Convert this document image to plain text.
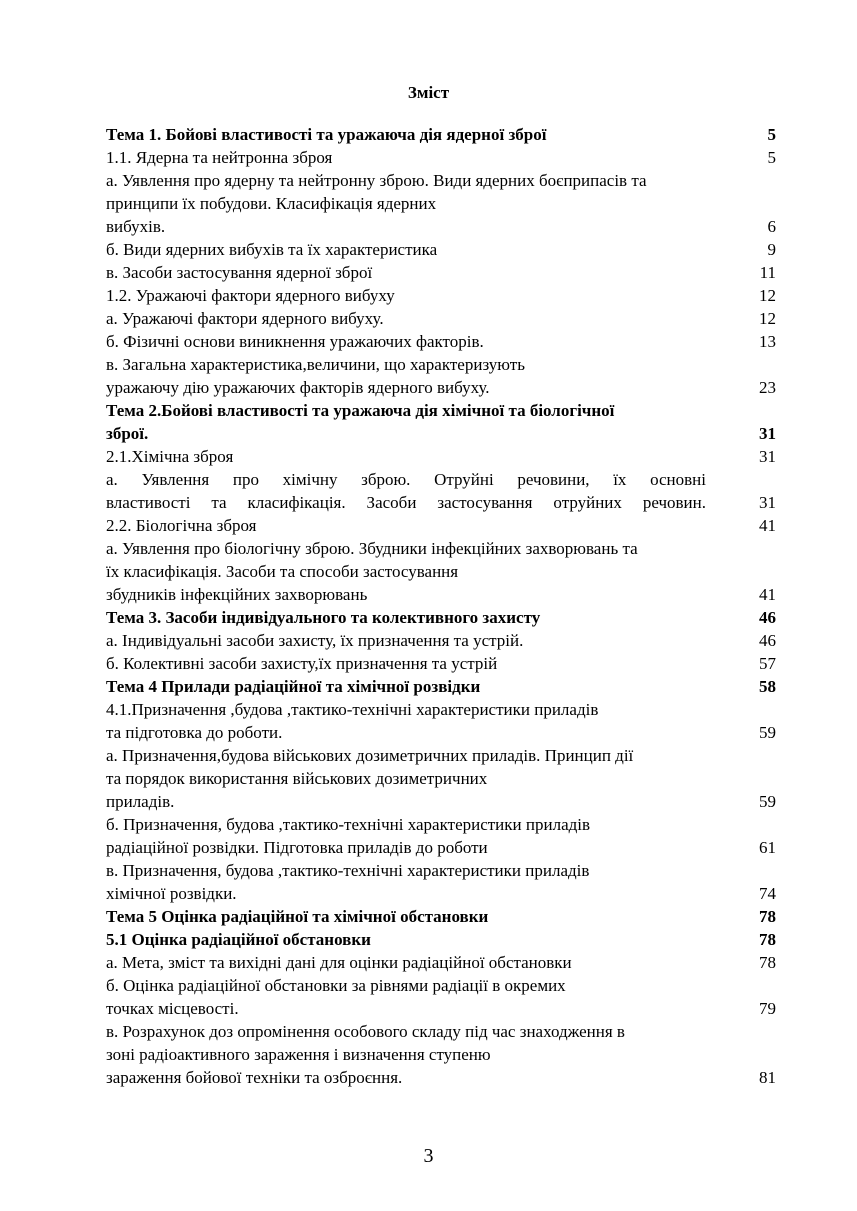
Зміст
Тема 1. Бойові властивості та уражаюча дія ядерної зброї	5
1.1. Ядерна та нейтронна зброя	5
а. Уявлення про ядерну та нейтронну зброю. Види ядерних боєприпасів та
принципи їх побудови. Класифікація ядерних
вибухів.	6
б. Види ядерних вибухів та їх характеристика	9
в. Засоби застосування ядерної зброї	11
1.2. Уражаючі фактори ядерного вибуху	12
а. Уражаючі фактори ядерного вибуху.	12
б. Фізичні основи виникнення уражаючих факторів.	13
в. Загальна характеристика,величини, що характеризують
уражаючу дію уражаючих факторів ядерного вибуху.	23
Тема 2.Бойові властивості та уражаюча дія хімічної та біологічної
зброї.	31
2.1.Хімічна зброя	31
а. Уявлення про хімічну зброю. Отруйні речовини, їх основні
властивості та класифікація. Засоби застосування отруйних речовин.	31
2.2. Біологічна зброя	41
а. Уявлення про біологічну зброю. Збудники інфекційних захворювань та
їх класифікація. Засоби та способи застосування
збудників інфекційних захворювань	41
Тема 3. Засоби індивідуального та колективного захисту	46
а. Індивідуальні засоби захисту, їх призначення та устрій.	46
б. Колективні засоби захисту,їх призначення та устрій	57
Тема 4 Прилади радіаційної та хімічної розвідки	58
4.1.Призначення ,будова ,тактико-технічні характеристики приладів
та підготовка до роботи.	59
а. Призначення,будова військових дозиметричних приладів. Принцип дії
та порядок використання військових дозиметричних
приладів.	59
б. Призначення, будова ,тактико-технічні характеристики приладів
радіаційної розвідки. Підготовка приладів до роботи	61
в. Призначення, будова ,тактико-технічні характеристики приладів
хімічної розвідки.	74
Тема 5 Оцінка радіаційної та хімічної обстановки	78
5.1 Оцінка радіаційної обстановки	78
а. Мета, зміст та вихідні дані для оцінки радіаційної обстановки	78
б. Оцінка радіаційної обстановки за рівнями радіації в окремих
точках місцевості.	79
в. Розрахунок доз опромінення особового складу під час знаходження в
зоні радіоактивного зараження і визначення ступеню
зараження бойової техніки та озброєння.	81
3
